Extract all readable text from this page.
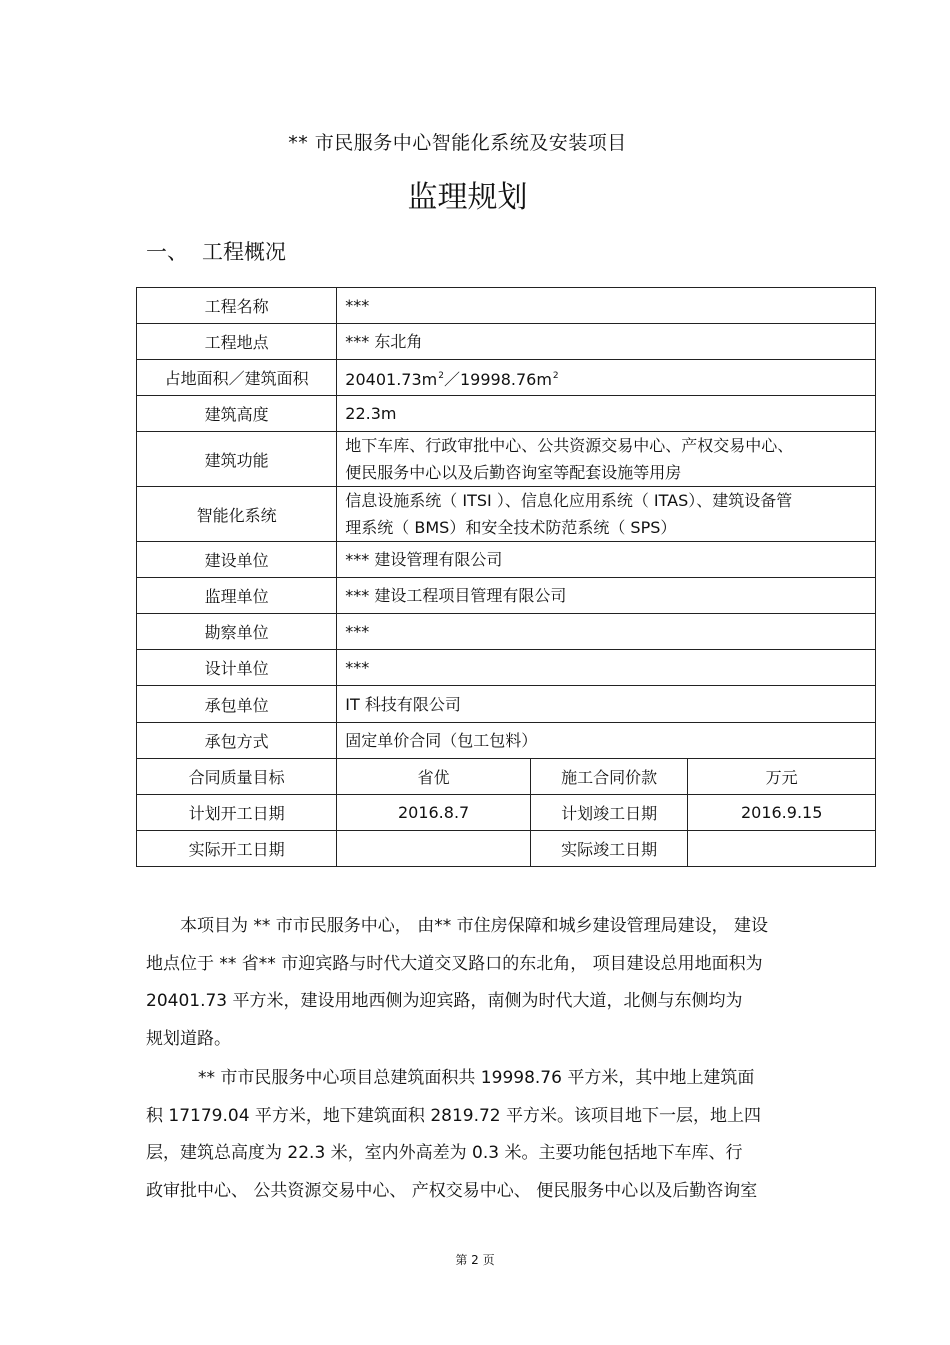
** 市民服务中心智能化系统及安装项目
监理规划
一、 工程概况
工程名称	***		
工程地点	*** 东北角		
占地面积／建筑面积	$20401.73m^2/19998.76m^2$
建筑高度	22.3m		
建筑功能	地下车库、行政审批中心、公共资源交易中心、产权交易中心、
便民服务中心以及后勤咨询室等配套设施等用房		

智能化系统	信息设施系统（ ITSI ）、信息化应用系统（ ITAS）、建筑设备管
理系统（ BMS）和安全技术防范系统（ SPS）		

建设单位	*** 建设管理有限公司		
监理单位	*** 建设工程项目管理有限公司		
勘察单位	***		
设计单位	***		
承包单位	IT 科技有限公司		
承包方式	固定单价合同（包工包料）		
合同质量目标	省优	施工合同价款	万元
计划开工日期	2016.8.7	计划竣工日期	2016.9.15
实际开工日期		实际竣工日期	
本项目为 ** 市市民服务中心， 由** 市住房保障和城乡建设管理局建设， 建设
地点位于 ** 省** 市迎宾路与时代大道交叉路口的东北角， 项目建设总用地面积为
20401.73 平方米，建设用地西侧为迎宾路，南侧为时代大道，北侧与东侧均为
规划道路。
** 市市民服务中心项目总建筑面积共 19998.76 平方米，其中地上建筑面
积 17179.04 平方米，地下建筑面积 2819.72 平方米。该项目地下一层，地上四
层，建筑总高度为 22.3 米，室内外高差为 0.3 米。主要功能包括地下车库、行
政审批中心、 公共资源交易中心、 产权交易中心、 便民服务中心以及后勤咨询室
第 2 页
